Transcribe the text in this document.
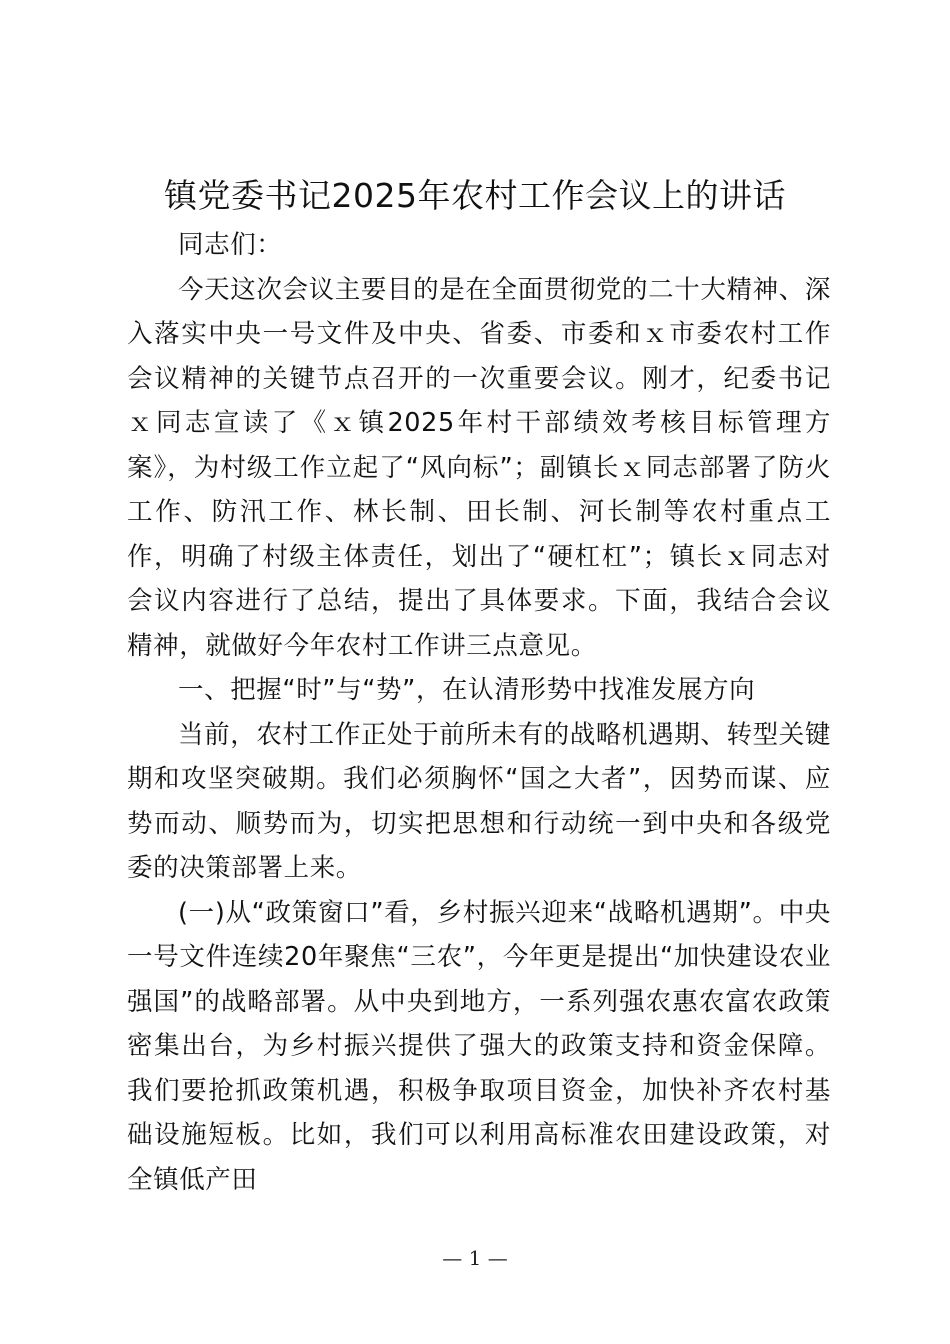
镇党委书记2025年农村工作会议上的讲话

同志们：

今天这次会议主要目的是在全面贯彻党的二十大精神、深入落实中央一号文件及中央、省委、市委和ｘ市委农村工作会议精神的关键节点召开的一次重要会议。刚才，纪委书记ｘ同志宣读了《ｘ镇2025年村干部绩效考核目标管理方案》，为村级工作立起了“风向标”；副镇长ｘ同志部署了防火工作、防汛工作、林长制、田长制、河长制等农村重点工作，明确了村级主体责任，划出了“硬杠杠”；镇长ｘ同志对会议内容进行了总结，提出了具体要求。下面，我结合会议精神，就做好今年农村工作讲三点意见。

一、把握“时”与“势”，在认清形势中找准发展方向

当前，农村工作正处于前所未有的战略机遇期、转型关键期和攻坚突破期。我们必须胸怀“国之大者”，因势而谋、应势而动、顺势而为，切实把思想和行动统一到中央和各级党委的决策部署上来。

(一)从“政策窗口”看，乡村振兴迎来“战略机遇期”。中央一号文件连续20年聚焦“三农”，今年更是提出“加快建设农业强国”的战略部署。从中央到地方，一系列强农惠农富农政策密集出台，为乡村振兴提供了强大的政策支持和资金保障。我们要抢抓政策机遇，积极争取项目资金，加快补齐农村基础设施短板。比如，我们可以利用高标准农田建设政策，对全镇低产田

— 1 —
